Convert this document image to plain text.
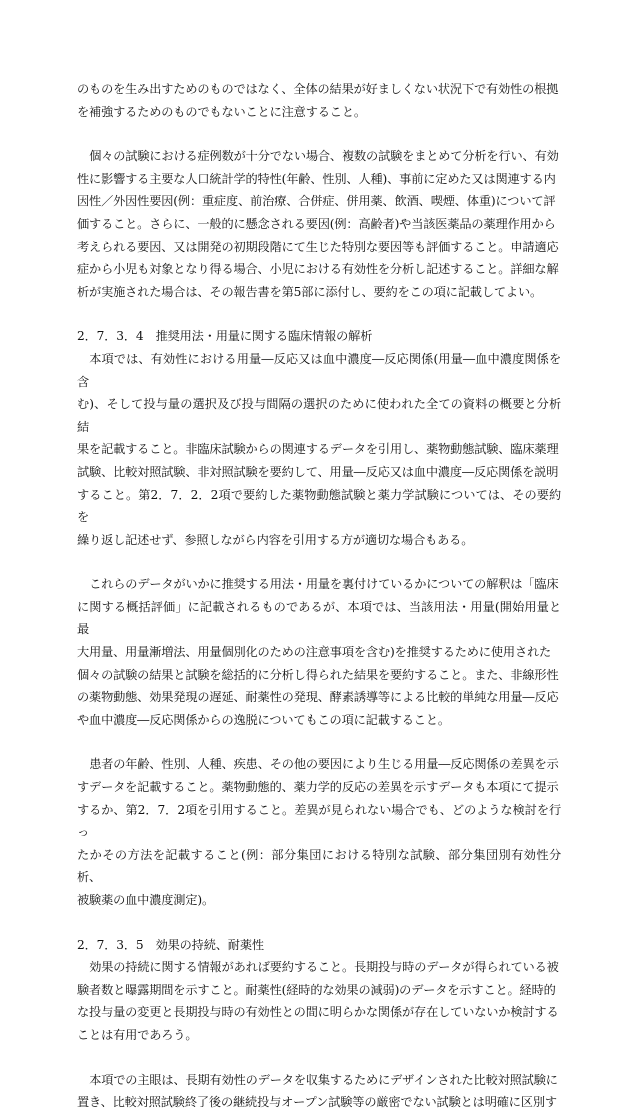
のものを生み出すためのものではなく、全体の結果が好ましくない状況下で有効性の根拠
を補強するためのものでもないことに注意すること。

個々の試験における症例数が十分でない場合、複数の試験をまとめて分析を行い、有効
性に影響する主要な人口統計学的特性(年齢、性別、人種)、事前に定めた又は関連する内
因性／外因性要因(例：重症度、前治療、合併症、併用薬、飲酒、喫煙、体重)について評
価すること。さらに、一般的に懸念される要因(例：高齢者)や当該医薬品の薬理作用から
考えられる要因、又は開発の初期段階にて生じた特別な要因等も評価すること。申請適応
症から小児も対象となり得る場合、小児における有効性を分析し記述すること。詳細な解
析が実施された場合は、その報告書を第5部に添付し、要約をこの項に記載してよい。

2．7．3．4　推奨用法・用量に関する臨床情報の解析

本項では、有効性における用量―反応又は血中濃度―反応関係(用量―血中濃度関係を含
む)、そして投与量の選択及び投与間隔の選択のために使われた全ての資料の概要と分析結
果を記載すること。非臨床試験からの関連するデータを引用し、薬物動態試験、臨床薬理
試験、比較対照試験、非対照試験を要約して、用量―反応又は血中濃度―反応関係を説明
すること。第2．7．2．2項で要約した薬物動態試験と薬力学試験については、その要約を
繰り返し記述せず、参照しながら内容を引用する方が適切な場合もある。

これらのデータがいかに推奨する用法・用量を裏付けているかについての解釈は「臨床
に関する概括評価」に記載されるものであるが、本項では、当該用法・用量(開始用量と最
大用量、用量漸増法、用量個別化のための注意事項を含む)を推奨するために使用された
個々の試験の結果と試験を総括的に分析し得られた結果を要約すること。また、非線形性
の薬物動態、効果発現の遅延、耐薬性の発現、酵素誘導等による比較的単純な用量―反応
や血中濃度―反応関係からの逸脱についてもこの項に記載すること。

患者の年齢、性別、人種、疾患、その他の要因により生じる用量―反応関係の差異を示
すデータを記載すること。薬物動態的、薬力学的反応の差異を示すデータも本項にて提示
するか、第2．7．2項を引用すること。差異が見られない場合でも、どのような検討を行っ
たかその方法を記載すること(例：部分集団における特別な試験、部分集団別有効性分析、
被験薬の血中濃度測定)。

2．7．3．5　効果の持続、耐薬性

効果の持続に関する情報があれば要約すること。長期投与時のデータが得られている被
験者数と曝露期間を示すこと。耐薬性(経時的な効果の減弱)のデータを示すこと。経時的
な投与量の変更と長期投与時の有効性との間に明らかな関係が存在していないか検討する
ことは有用であろう。

本項での主眼は、長期有効性のデータを収集するためにデザインされた比較対照試験に
置き、比較対照試験終了後の継続投与オープン試験等の厳密でない試験とは明確に区別す
